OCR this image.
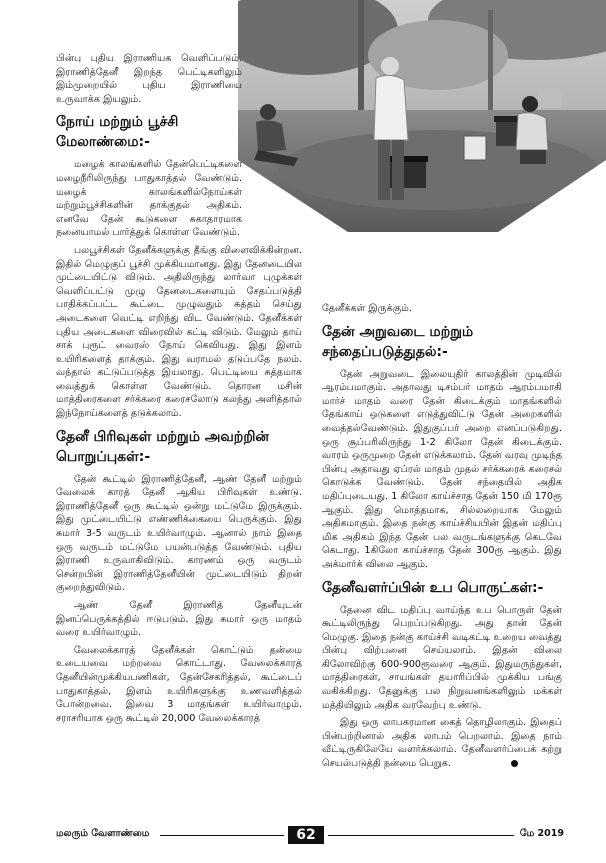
பின்பு புதிய இராணியக வெளிப்படும். இராணித்தேனீ இறந்த பெட்டிகளிலும் இம்முறையில் புதிய இராணியை உருவாக்க இயலும்.

நோய் மற்றும் பூச்சி மேலாண்மை:-

மழைக் காலங்களில் தேன்பெட்டிகளை மழைநீரிலிருந்து பாதுகாத்தல் வேண்டும். மழைக் காலங்களில்நோய்கள் மற்றும்பூச்சிகளின் தாக்குதல் அதிகம். எனவே தேன் கூடுகளை சுகாதாரமாக நனையாமல் பார்த்துக் கொள்ள வேண்டும்.

பலபூச்சிகள் தேனீக்களுக்கு தீங்கு விளைவிக்கின்றன. இதில் மெழுகுப் பூச்சி முக்கியமானது. இது தேனடையில முட்டையிட்டு விடும். அதிலிருந்து லார்வா புழுக்கள் வெளிப்பட்டு முழு தேனடைகளையும் சேதப்படுத்தி பாதிக்கப்பட்ட கூட்டை முழுவதும் சுத்தம் செய்து அடைகளை வெட்டி எறிந்து விட வேண்டும். தேனீக்கள் புதிய அடைகளை விரைவில் கட்டி விடும். மேலும் தாய் சாக் புரூட் வைரஸ் நோய் கெவியது. இது இளம் உயிரிகளைத் தாக்கும். இது வராமல் தடுப்பதே நலம். வந்தால் கட்டுப்படுத்த இயலாது. பெட்டியை சுத்தமாக வைத்துக் கொள்ள வேண்டும். தொரன மசின் மாத்திரைகளை சர்க்கரை கரைசலோடு கலந்து அளித்தால் இந்நோய்களைத் தடுக்கலாம்.

தேனீ பிரிவுகள் மற்றும் அவற்றின் பொறுப்புகள்:-

தேன் கூட்டில் இராணித்தேனீ, ஆண் தேனீ மற்றும் வேலைக் காரத் தேனீ ஆகிய பிரிவுகள் உண்டு. இராணித்தேனீ ஒரு கூட்டில் ஒன்று மட்டுமே இருக்கும். இது முட்டையிட்டு எண்ணிக்கையை பெருக்கும். இது சுமார் 3-5 வருடம் உயிர்வாழும். ஆனால் நாம் இதை ஒரு வருடம் மட்டுமே பயன்படுத்த வேண்டும். புதிய இராணி உருவாகிவிடும். காரணம் ஒரு வருடம் சென்றபின் இராணித்தேனீயின் முட்டையிடும் திறன் குறைந்துவிடும்.

ஆண் தேனீ இராணித் தேனீயுடன் இனப்பெருக்கத்தில் ஈடுபடும். இது சுமார் ஒரு மாதம் வரை உயிர்வாழும்.

வேலைக்காரத் தேனீக்கள் கொட்டும் தன்மை உடையவை மற்றவை கொட்டாது. வேலைக்காரத் தேனீயின்முக்கியபணிகள், தேன்சேகரித்தல், கூட்டைப் பாதுகாத்தல், இளம் உயிரிகளுக்கு உணவளித்தல் போன்றவை. இவை 3 மாதங்கள் உயிர்வாழும். சராசரியாக ஒரு கூட்டில் 20,000 வேலைக்காரத்

தேனீக்கள் இருக்கும்.

தேன் அறுவடை மற்றும் சந்தைப்படுத்துதல்:-

தேன் அறுவடை இலையுதிர் காலத்தின் முடிவில் ஆரம்பமாகும். அதாவது டிசம்பர் மாதம் ஆரம்பமாகி மார்ச் மாதம் வரை தேன் கிடைக்கும் மாதங்களில் தேங்காய் ஒடுகளை எடுத்துவிட்டு தேன் அறைகளில் வைத்தல்வேண்டும். இதுகுப்பர் அறை எனப்படுகிறது. ஒரு சூப்பரிலிருந்து 1-2 கிலோ தேன் கிடைக்கும். வாரம் ஒருமுறை தேன் எடுக்கலாம். தேன் வரவு முடிந்த பின்பு அதாவது ஏப்ரல் மாதம் முதல் சர்க்கரைக் கரைசல் கொடுக்க வேண்டும். தேன் சந்தையில் அதிக மதிப்புடையது. 1 கிலோ காய்ச்சாத தேன் 150 மி 170ரூ ஆகும். இது மொத்தமாக, சில்லறையாக மேலும் அதிகமாகும். இதை நன்கு காய்ச்சியபின் இதன் மதிப்பு மிக அதிகம் இந்த தேன் பல வருடங்களுக்கு கெடவே கெடாது. 1கிலோ காய்ச்சாத தேன் 300ரூ ஆகும். இது அக்மார்க் விலை ஆகும்.

தேனீவளர்ப்பின் உப பொருட்கள்:-

தேனை விட மதிப்பு வாய்ந்த உப பொருள் தேன் கூட்டிலிருந்து பெறப்படுகிறது. அது தான் தேன் மெழுகு. இதை நன்கு காய்ச்சி வடிகட்டி உறைய வைத்து பின்பு விற்பனை செய்யலாம். இதன் விலை கிலோவிற்கு 600-900ரூவரை ஆகும். இதுமருந்துகள், மாத்திரைகள், சாயங்கள் தயாரிப்பில் முக்கிய பங்கு வகிக்கிறது. தேனுக்கு பல நிறுவனங்களிலும் மக்கள் மத்தியிலும் அதிக வரவேற்பு உண்டு.

இது ஒரு லாபகரமான கைத் தொழிலாகும். இதைப் பின்பற்றினால் அதிக லாபம் பெறலாம். இதை நாம் வீட்டிருகிலேயே வளர்க்கலாம். தேனீவளர்ப்பைக் கற்று செயல்படுத்தி நன்மை பெறுக.

மலரும் வேளாண்மை	62	மே 2019
